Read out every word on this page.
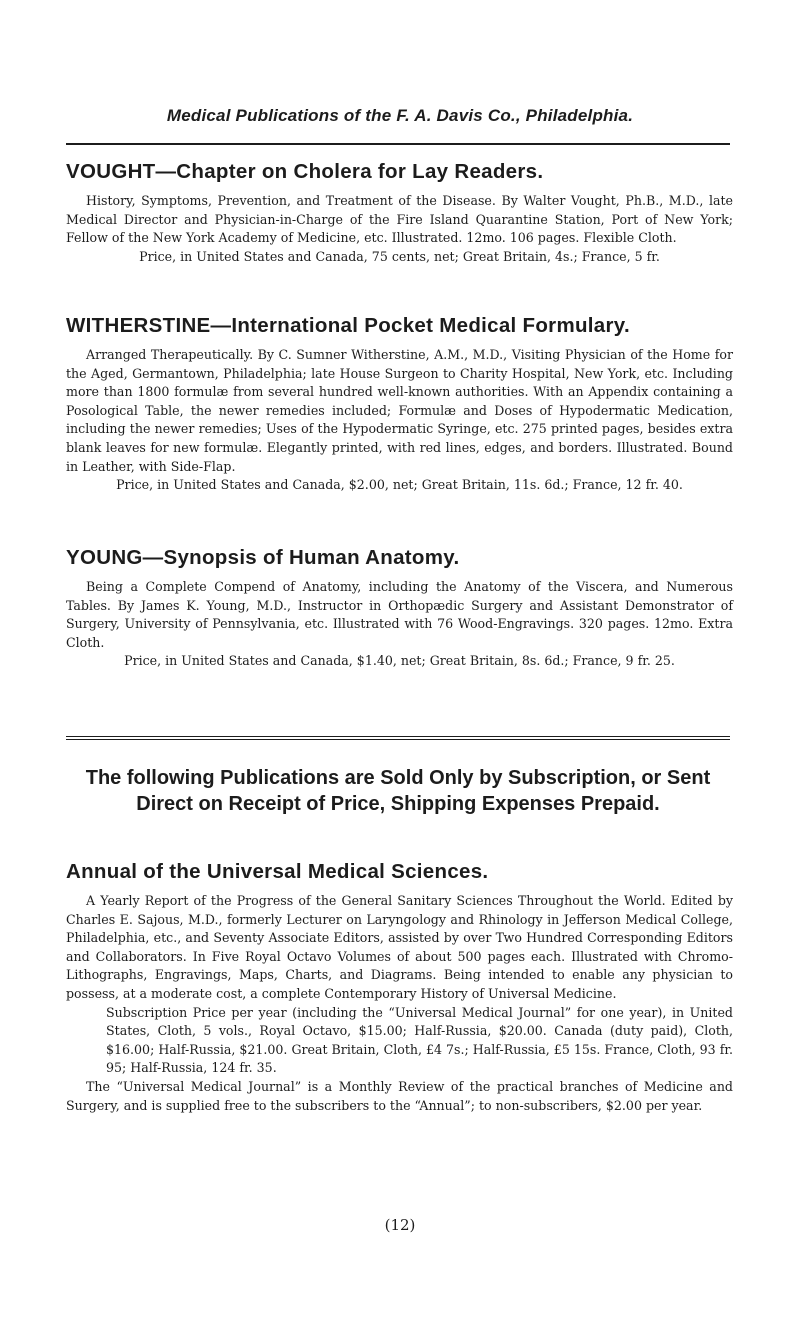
Medical Publications of the F. A. Davis Co., Philadelphia.
VOUGHT—Chapter on Cholera for Lay Readers.

History, Symptoms, Prevention, and Treatment of the Disease. By Walter Vought, Ph.B., M.D., late Medical Director and Physician-in-Charge of the Fire Island Quarantine Station, Port of New York; Fellow of the New York Academy of Medicine, etc. Illustrated. 12mo. 106 pages. Flexible Cloth.

Price, in United States and Canada, 75 cents, net; Great Britain, 4s.; France, 5 fr.

WITHERSTINE—International Pocket Medical Formulary.

Arranged Therapeutically. By C. Sumner Witherstine, A.M., M.D., Visiting Physician of the Home for the Aged, Germantown, Philadelphia; late House Surgeon to Charity Hospital, New York, etc. Including more than 1800 formulæ from several hundred well-known authorities. With an Appendix containing a Posological Table, the newer remedies included; Formulæ and Doses of Hypodermatic Medication, including the newer remedies; Uses of the Hypodermatic Syringe, etc. 275 printed pages, besides extra blank leaves for new formulæ. Elegantly printed, with red lines, edges, and borders. Illustrated. Bound in Leather, with Side-Flap.

Price, in United States and Canada, $2.00, net; Great Britain, 11s. 6d.; France, 12 fr. 40.

YOUNG—Synopsis of Human Anatomy.

Being a Complete Compend of Anatomy, including the Anatomy of the Viscera, and Numerous Tables. By James K. Young, M.D., Instructor in Orthopædic Surgery and Assistant Demonstrator of Surgery, University of Pennsylvania, etc. Illustrated with 76 Wood-Engravings. 320 pages. 12mo. Extra Cloth.

Price, in United States and Canada, $1.40, net; Great Britain, 8s. 6d.; France, 9 fr. 25.

The following Publications are Sold Only by Subscription, or Sent Direct on Receipt of Price, Shipping Expenses Prepaid.
Annual of the Universal Medical Sciences.

A Yearly Report of the Progress of the General Sanitary Sciences Throughout the World. Edited by Charles E. Sajous, M.D., formerly Lecturer on Laryngology and Rhinology in Jefferson Medical College, Philadelphia, etc., and Seventy Associate Editors, assisted by over Two Hundred Corresponding Editors and Collaborators. In Five Royal Octavo Volumes of about 500 pages each. Illustrated with Chromo-Lithographs, Engravings, Maps, Charts, and Diagrams. Being intended to enable any physician to possess, at a moderate cost, a complete Contemporary History of Universal Medicine.

Subscription Price per year (including the “Universal Medical Journal” for one year), in United States, Cloth, 5 vols., Royal Octavo, $15.00; Half-Russia, $20.00. Canada (duty paid), Cloth, $16.00; Half-Russia, $21.00. Great Britain, Cloth, £4 7s.; Half-Russia, £5 15s. France, Cloth, 93 fr. 95; Half-Russia, 124 fr. 35.

The “Universal Medical Journal” is a Monthly Review of the practical branches of Medicine and Surgery, and is supplied free to the subscribers to the “Annual”; to non-subscribers, $2.00 per year.

(12)
